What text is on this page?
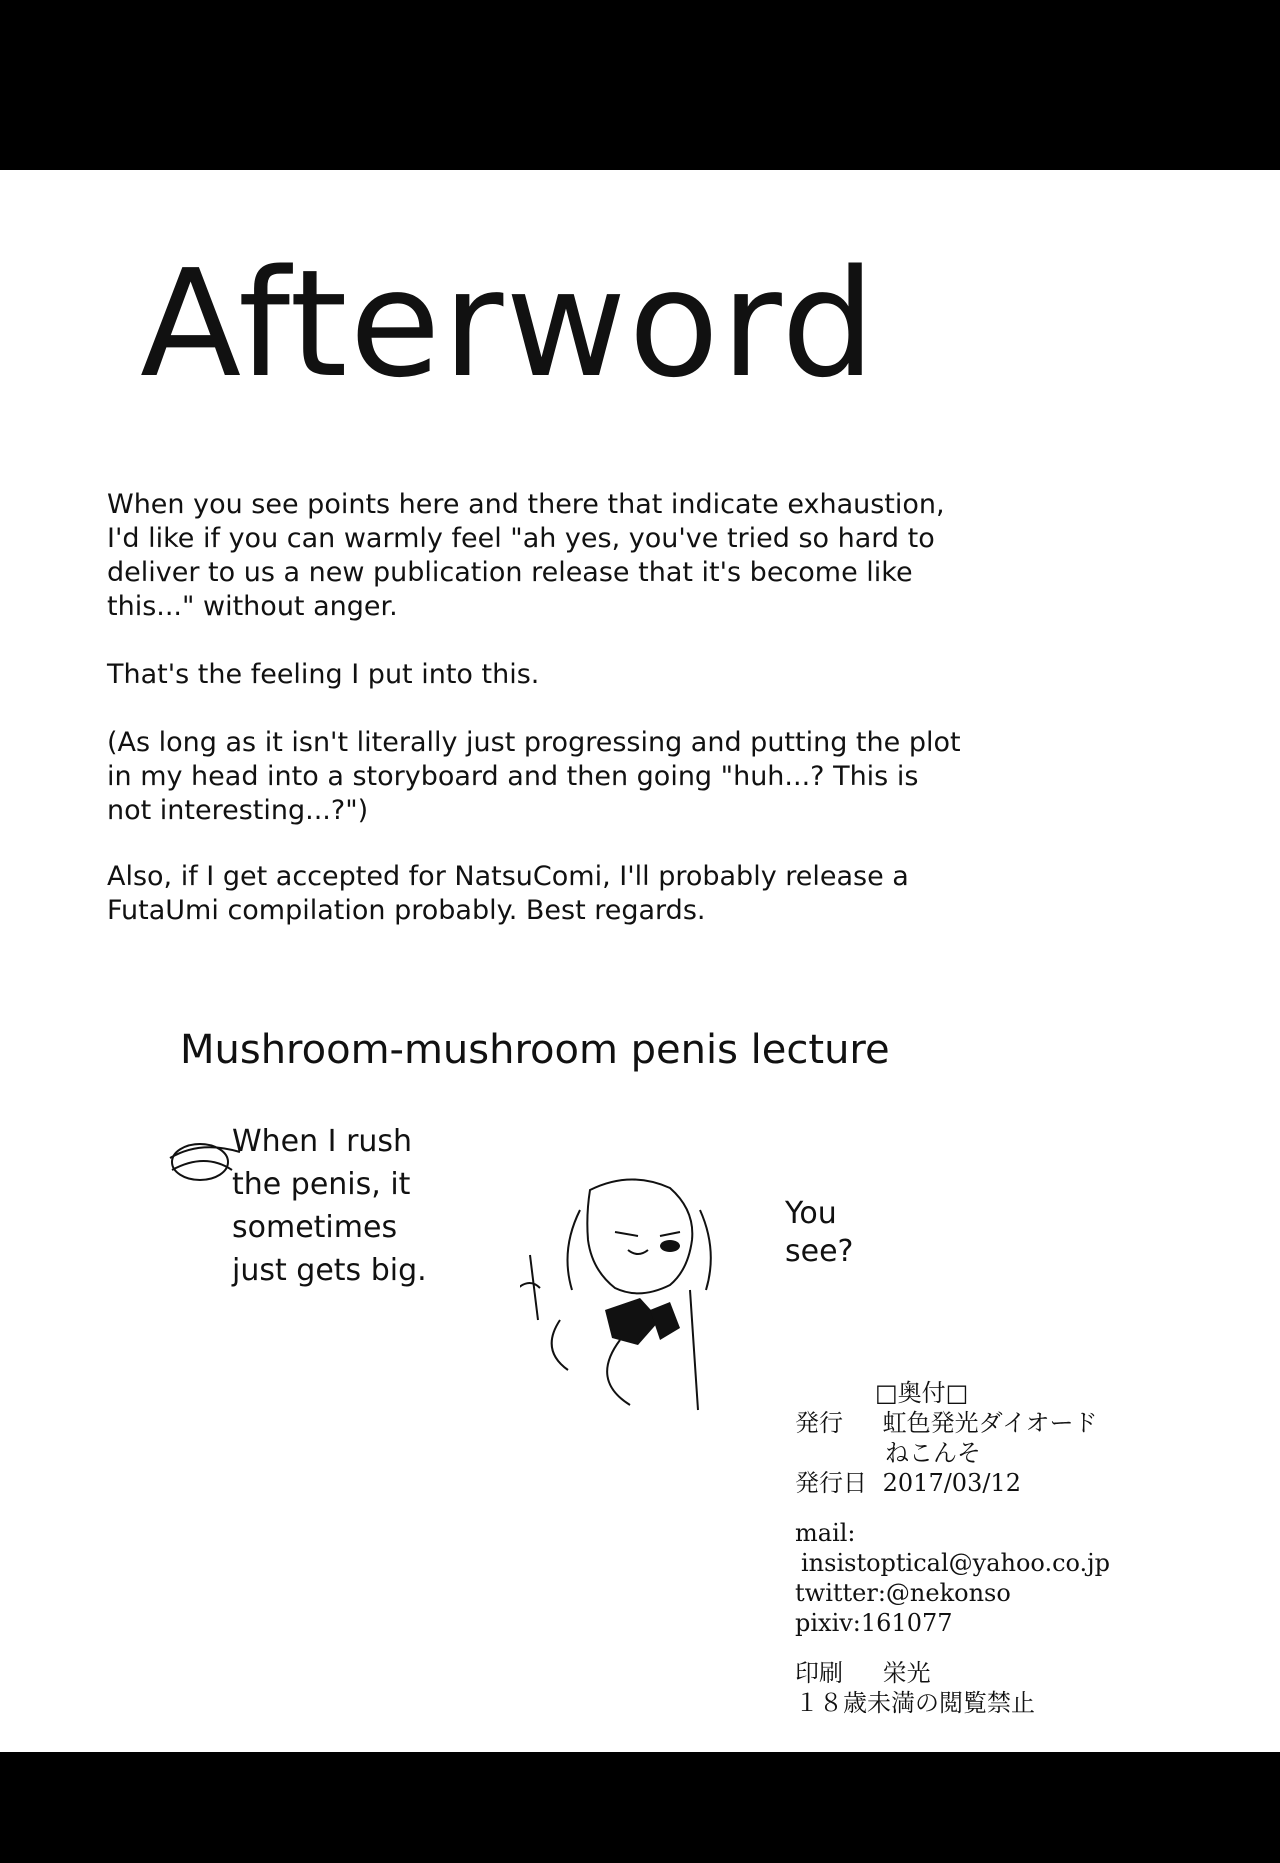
Afterword
When you see points here and there that indicate exhaustion, I'd like if you can warmly feel "ah yes, you've tried so hard to deliver to us a new publication release that it's become like this..." without anger.
That's the feeling I put into this.
(As long as it isn't literally just progressing and putting the plot in my head into a storyboard and then going "huh...? This is not interesting...?")
Also, if I get accepted for NatsuComi, I'll probably release a FutaUmi compilation probably. Best regards.
Mushroom-mushroom penis lecture
When I rush
the penis, it
sometimes
just gets big.
You
see?
□奥付□
発行 虹色発光ダイオード
ねこんそ
発行日 2017/03/12
mail:
insistoptical@yahoo.co.jp
twitter:@nekonso
pixiv:161077
印刷 栄光
１８歳未満の閲覧禁止
